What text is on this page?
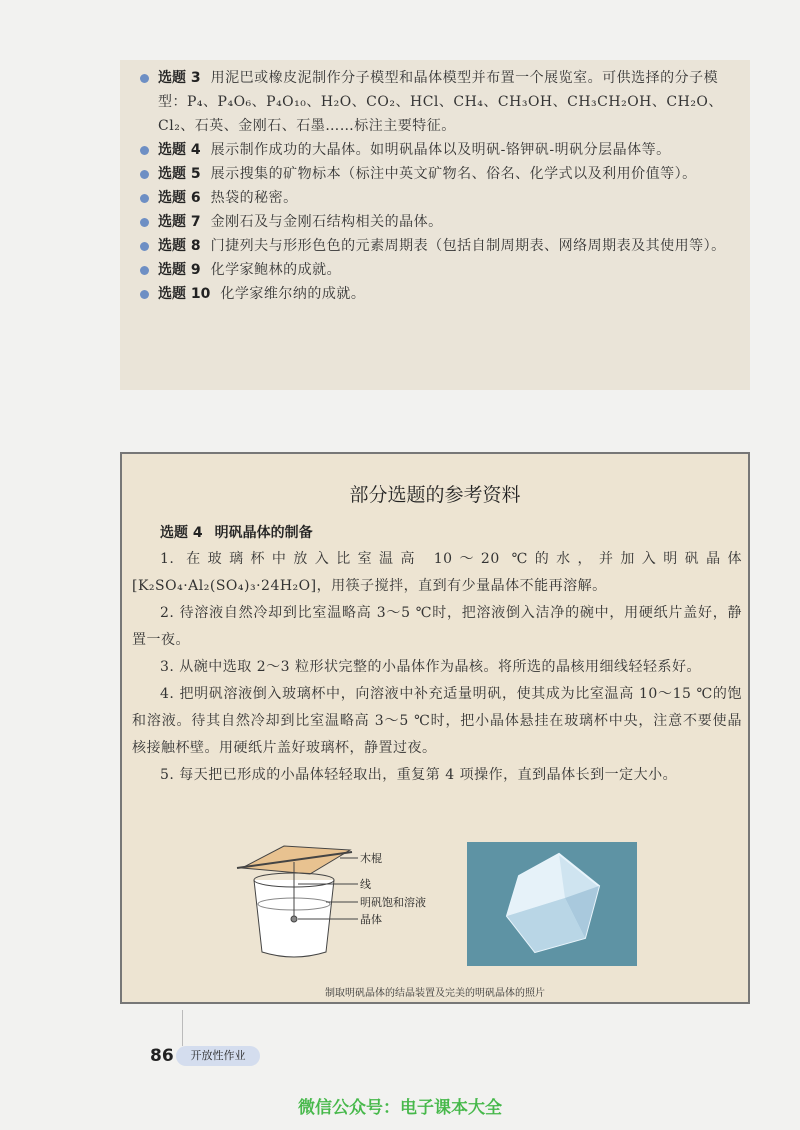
选题 3 用泥巴或橡皮泥制作分子模型和晶体模型并布置一个展览室。可供选择的分子模型：P₄、P₄O₆、P₄O₁₀、H₂O、CO₂、HCl、CH₄、CH₃OH、CH₃CH₂OH、CH₂O、Cl₂、石英、金刚石、石墨……标注主要特征。
选题 4 展示制作成功的大晶体。如明矾晶体以及明矾-铬钾矾-明矾分层晶体等。
选题 5 展示搜集的矿物标本（标注中英文矿物名、俗名、化学式以及利用价值等）。
选题 6 热袋的秘密。
选题 7 金刚石及与金刚石结构相关的晶体。
选题 8 门捷列夫与形形色色的元素周期表（包括自制周期表、网络周期表及其使用等）。
选题 9 化学家鲍林的成就。
选题 10 化学家维尔纳的成就。
部分选题的参考资料
选题 4 明矾晶体的制备

1. 在玻璃杯中放入比室温高 10～20 ℃的水，并加入明矾晶体[K₂SO₄·Al₂(SO₄)₃·24H₂O]，用筷子搅拌，直到有少量晶体不能再溶解。

2. 待溶液自然冷却到比室温略高 3～5 ℃时，把溶液倒入洁净的碗中，用硬纸片盖好，静置一夜。

3. 从碗中选取 2～3 粒形状完整的小晶体作为晶核。将所选的晶核用细线轻轻系好。

4. 把明矾溶液倒入玻璃杯中，向溶液中补充适量明矾，使其成为比室温高 10～15 ℃的饱和溶液。待其自然冷却到比室温略高 3～5 ℃时，把小晶体悬挂在玻璃杯中央，注意不要使晶核接触杯壁。用硬纸片盖好玻璃杯，静置过夜。

5. 每天把已形成的小晶体轻轻取出，重复第 4 项操作，直到晶体长到一定大小。

木棍
线
明矾饱和溶液
晶体
制取明矾晶体的结晶装置及完美的明矾晶体的照片
86	开放性作业
微信公众号：电子课本大全
